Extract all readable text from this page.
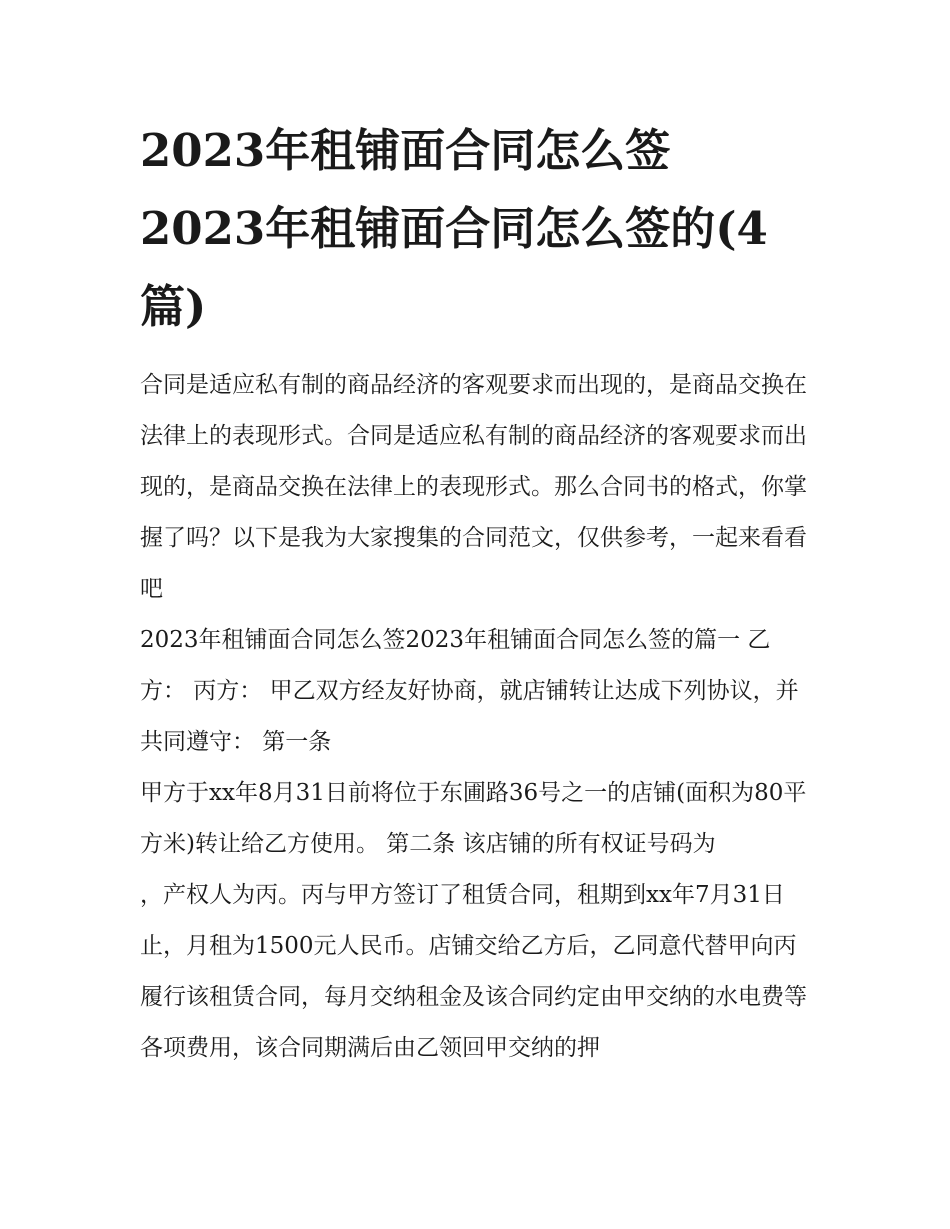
2023年租铺面合同怎么签
2023年租铺面合同怎么签的(4篇)

合同是适应私有制的商品经济的客观要求而出现的，是商品交换在法律上的表现形式。合同是适应私有制的商品经济的客观要求而出现的，是商品交换在法律上的表现形式。那么合同书的格式，你掌握了吗？以下是我为大家搜集的合同范文，仅供参考，一起来看看吧

2023年租铺面合同怎么签2023年租铺面合同怎么签的篇一 乙方： 丙方： 甲乙双方经友好协商，就店铺转让达成下列协议，并共同遵守： 第一条

甲方于xx年8月31日前将位于东圃路36号之一的店铺(面积为80平方米)转让给乙方使用。 第二条 该店铺的所有权证号码为

，产权人为丙。丙与甲方签订了租赁合同，租期到xx年7月31日止，月租为1500元人民币。店铺交给乙方后，乙同意代替甲向丙履行该租赁合同，每月交纳租金及该合同约定由甲交纳的水电费等各项费用，该合同期满后由乙领回甲交纳的押
